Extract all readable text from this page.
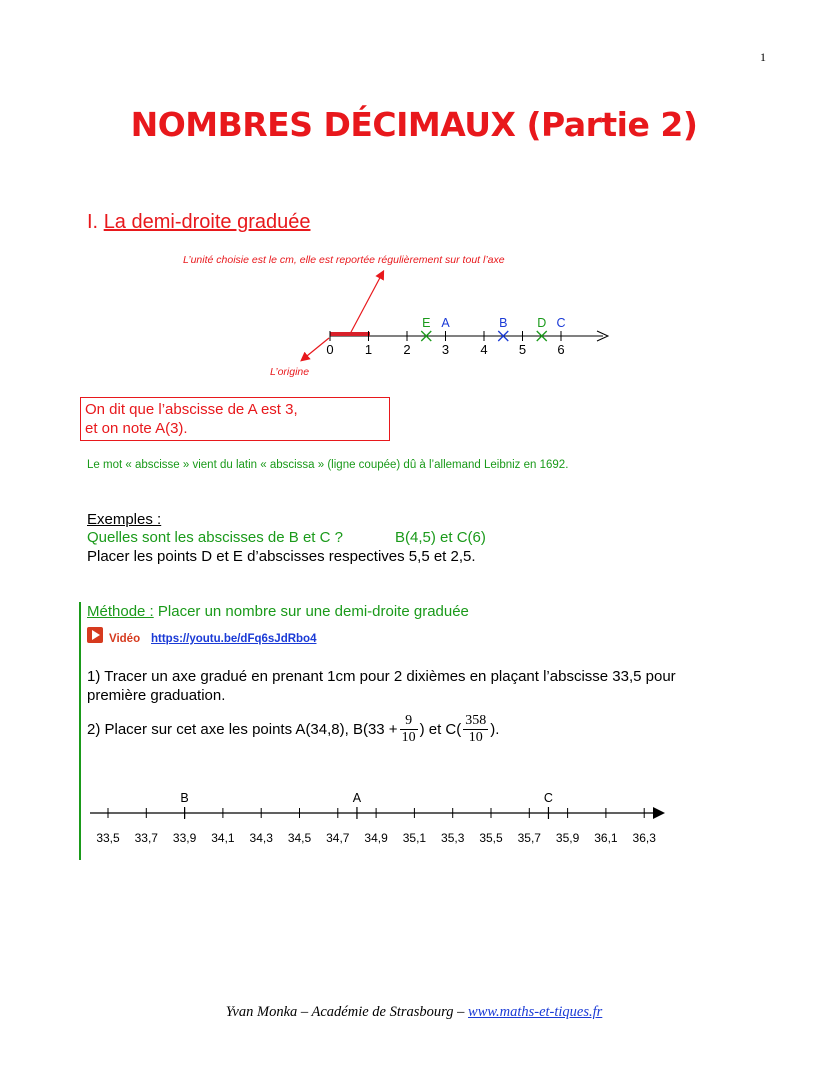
1
NOMBRES DÉCIMAUX (Partie 2)
I. La demi-droite graduée
L’unité choisie est le cm, elle est reportée régulièrement sur tout l’axe
0 1 2 3 4 5 6
E A	B D C
L’origine
On dit que l’abscisse de A est 3,
et on note A(3).
Le mot « abscisse » vient du latin « abscissa » (ligne coupée) dû à l’allemand Leibniz en 1692.
Exemples :
Quelles sont les abscisses de B et C ?	B(4,5) et C(6)
Placer les points D et E d’abscisses respectives 5,5 et 2,5.
Méthode : Placer un nombre sur une demi-droite graduée
Vidéo https://youtu.be/dFq6sJdRbo4
1) Tracer un axe gradué en prenant 1cm pour 2 dixièmes en plaçant l’abscisse 33,5 pour première graduation.
2) Placer sur cet axe les points A(34,8), $B(33 + \frac{9}{10}$ ) et $C( \frac{358}{10}$ ).
33,5 33,7 33,9 34,1 34,3 34,5 34,7 34,9 35,1 35,3 35,5 35,7 35,9 36,1 36,3
B	A	C
Yvan Monka – Académie de Strasbourg – www.maths-et-tiques.fr
